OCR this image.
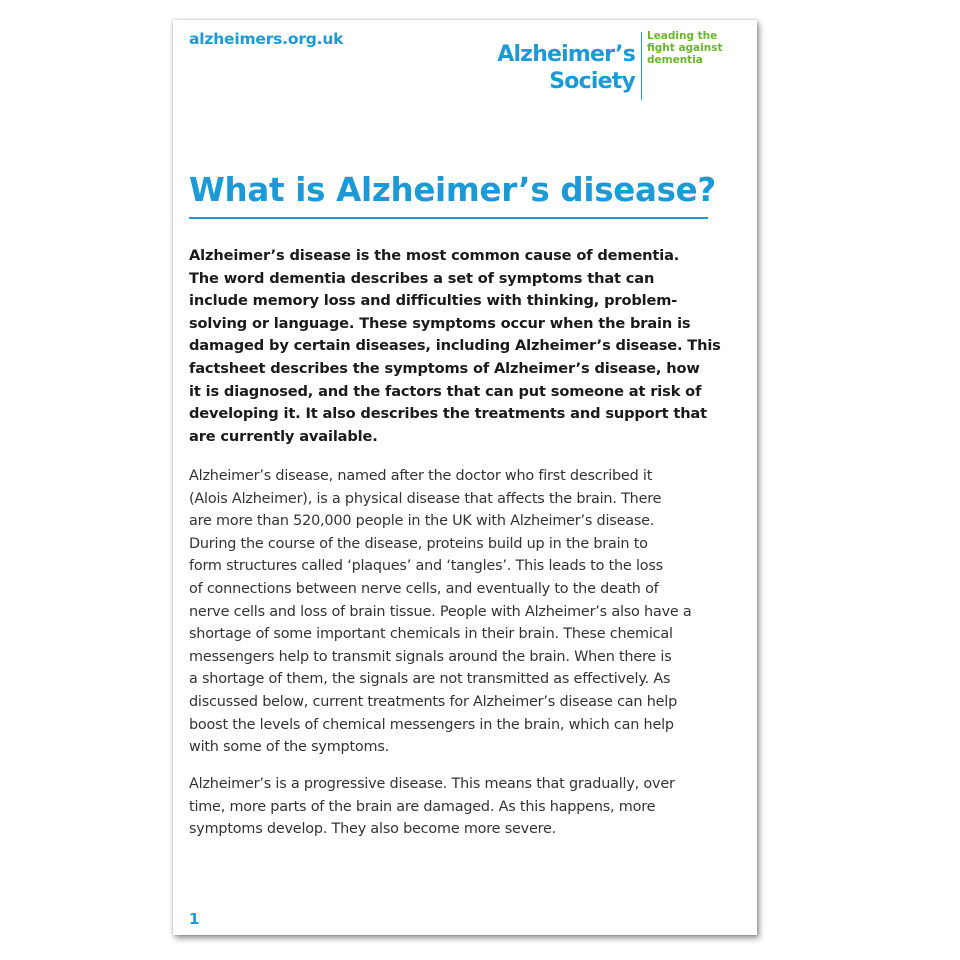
alzheimers.org.uk
Alzheimer’s
Society
Leading the
fight against
dementia
What is Alzheimer’s disease?

Alzheimer’s disease is the most common cause of dementia.
The word dementia describes a set of symptoms that can
include memory loss and difficulties with thinking, problem-
solving or language. These symptoms occur when the brain is
damaged by certain diseases, including Alzheimer’s disease. This
factsheet describes the symptoms of Alzheimer’s disease, how
it is diagnosed, and the factors that can put someone at risk of
developing it. It also describes the treatments and support that
are currently available.

Alzheimer’s disease, named after the doctor who first described it
(Alois Alzheimer), is a physical disease that affects the brain. There
are more than 520,000 people in the UK with Alzheimer’s disease.
During the course of the disease, proteins build up in the brain to
form structures called ‘plaques’ and ‘tangles’. This leads to the loss
of connections between nerve cells, and eventually to the death of
nerve cells and loss of brain tissue. People with Alzheimer’s also have a
shortage of some important chemicals in their brain. These chemical
messengers help to transmit signals around the brain. When there is
a shortage of them, the signals are not transmitted as effectively. As
discussed below, current treatments for Alzheimer’s disease can help
boost the levels of chemical messengers in the brain, which can help
with some of the symptoms.

Alzheimer’s is a progressive disease. This means that gradually, over
time, more parts of the brain are damaged. As this happens, more
symptoms develop. They also become more severe.

1
